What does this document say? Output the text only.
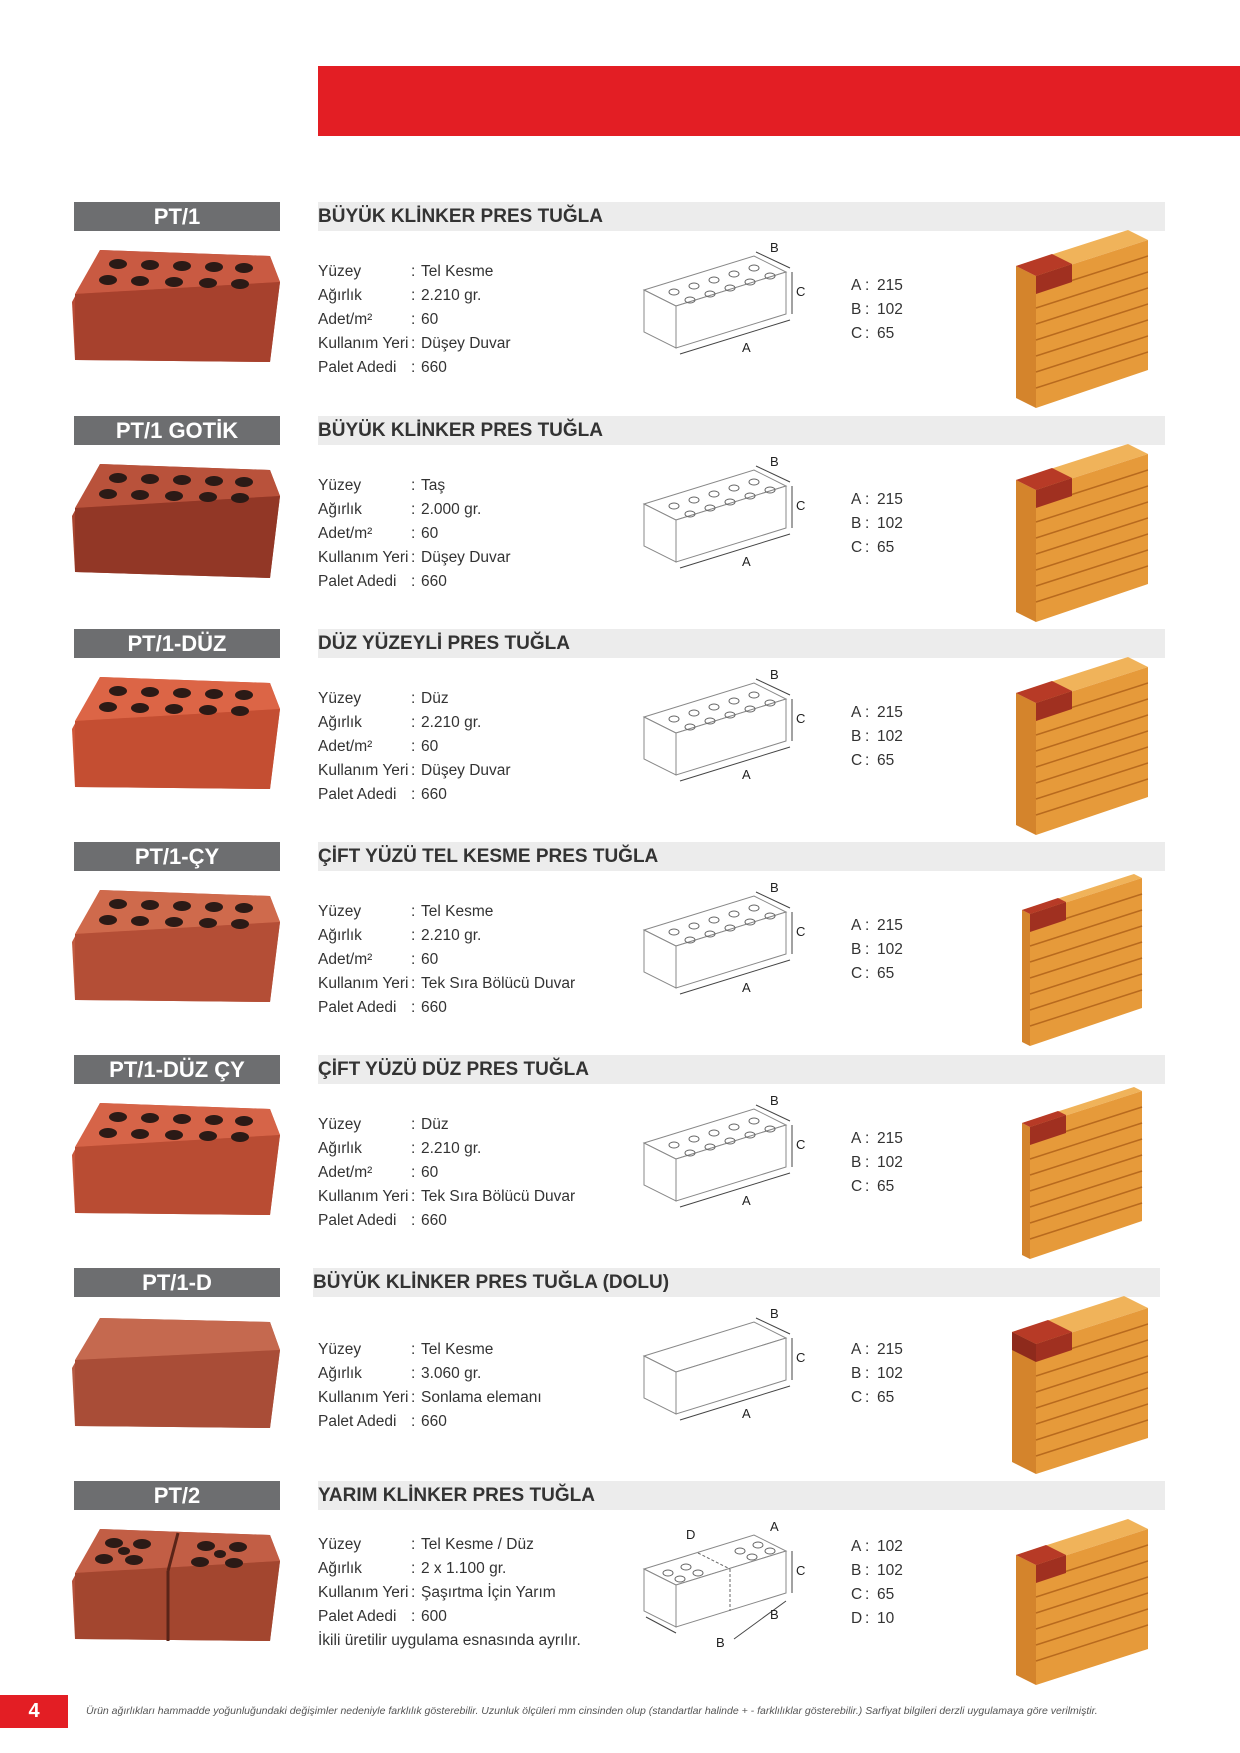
PT/1	BÜYÜK KLİNKER PRES TUĞLA
Yüzey	: Tel Kesme
Ağırlık	: 2.210 gr.
Adet/m²	: 60
Kullanım Yeri : Düşey Duvar
Palet Adedi : 660
B
C
A
A : 215
B : 102
C : 65
PT/1 GOTİK	BÜYÜK KLİNKER PRES TUĞLA
Yüzey	: Taş
Ağırlık	: 2.000 gr.
Adet/m²	: 60
Kullanım Yeri : Düşey Duvar
Palet Adedi : 660
B
C
A
A : 215
B : 102
C : 65
PT/1-DÜZ	DÜZ YÜZEYLİ PRES TUĞLA
Yüzey	: Düz
Ağırlık	: 2.210 gr.
Adet/m²	: 60
Kullanım Yeri : Düşey Duvar
Palet Adedi : 660
B
C
A
A : 215
B : 102
C : 65
PT/1-ÇY	ÇİFT YÜZÜ TEL KESME PRES TUĞLA
Yüzey	: Tel Kesme
Ağırlık	: 2.210 gr.
Adet/m²	: 60
Kullanım Yeri : Tek Sıra Bölücü Duvar
Palet Adedi : 660
B
C
A
A : 215
B : 102
C : 65
PT/1-DÜZ ÇY	ÇİFT YÜZÜ DÜZ PRES TUĞLA
Yüzey	: Düz
Ağırlık	: 2.210 gr.
Adet/m²	: 60
Kullanım Yeri : Tek Sıra Bölücü Duvar
Palet Adedi : 660
B
C
A
A : 215
B : 102
C : 65
PT/1-D	BÜYÜK KLİNKER PRES TUĞLA (DOLU)
Yüzey	: Tel Kesme
Ağırlık	: 3.060 gr.
Kullanım Yeri : Sonlama elemanı
Palet Adedi : 660
B
C
A
A : 215
B : 102
C : 65
PT/2	YARIM KLİNKER PRES TUĞLA
Yüzey	: Tel Kesme / Düz
Ağırlık	: 2 x 1.100 gr.
Kullanım Yeri : Şaşırtma İçin Yarım
Palet Adedi : 600
İkili üretilir uygulama esnasında ayrılır.
D
A
C
B
B
A : 102
B : 102
C : 65
D : 10
4	Ürün ağırlıkları hammadde yoğunluğundaki değişimler nedeniyle farklılık gösterebilir. Uzunluk ölçüleri mm cinsinden olup (standartlar halinde + - farklılıklar gösterebilir.) Sarfiyat bilgileri derzli uygulamaya göre verilmiştir.
